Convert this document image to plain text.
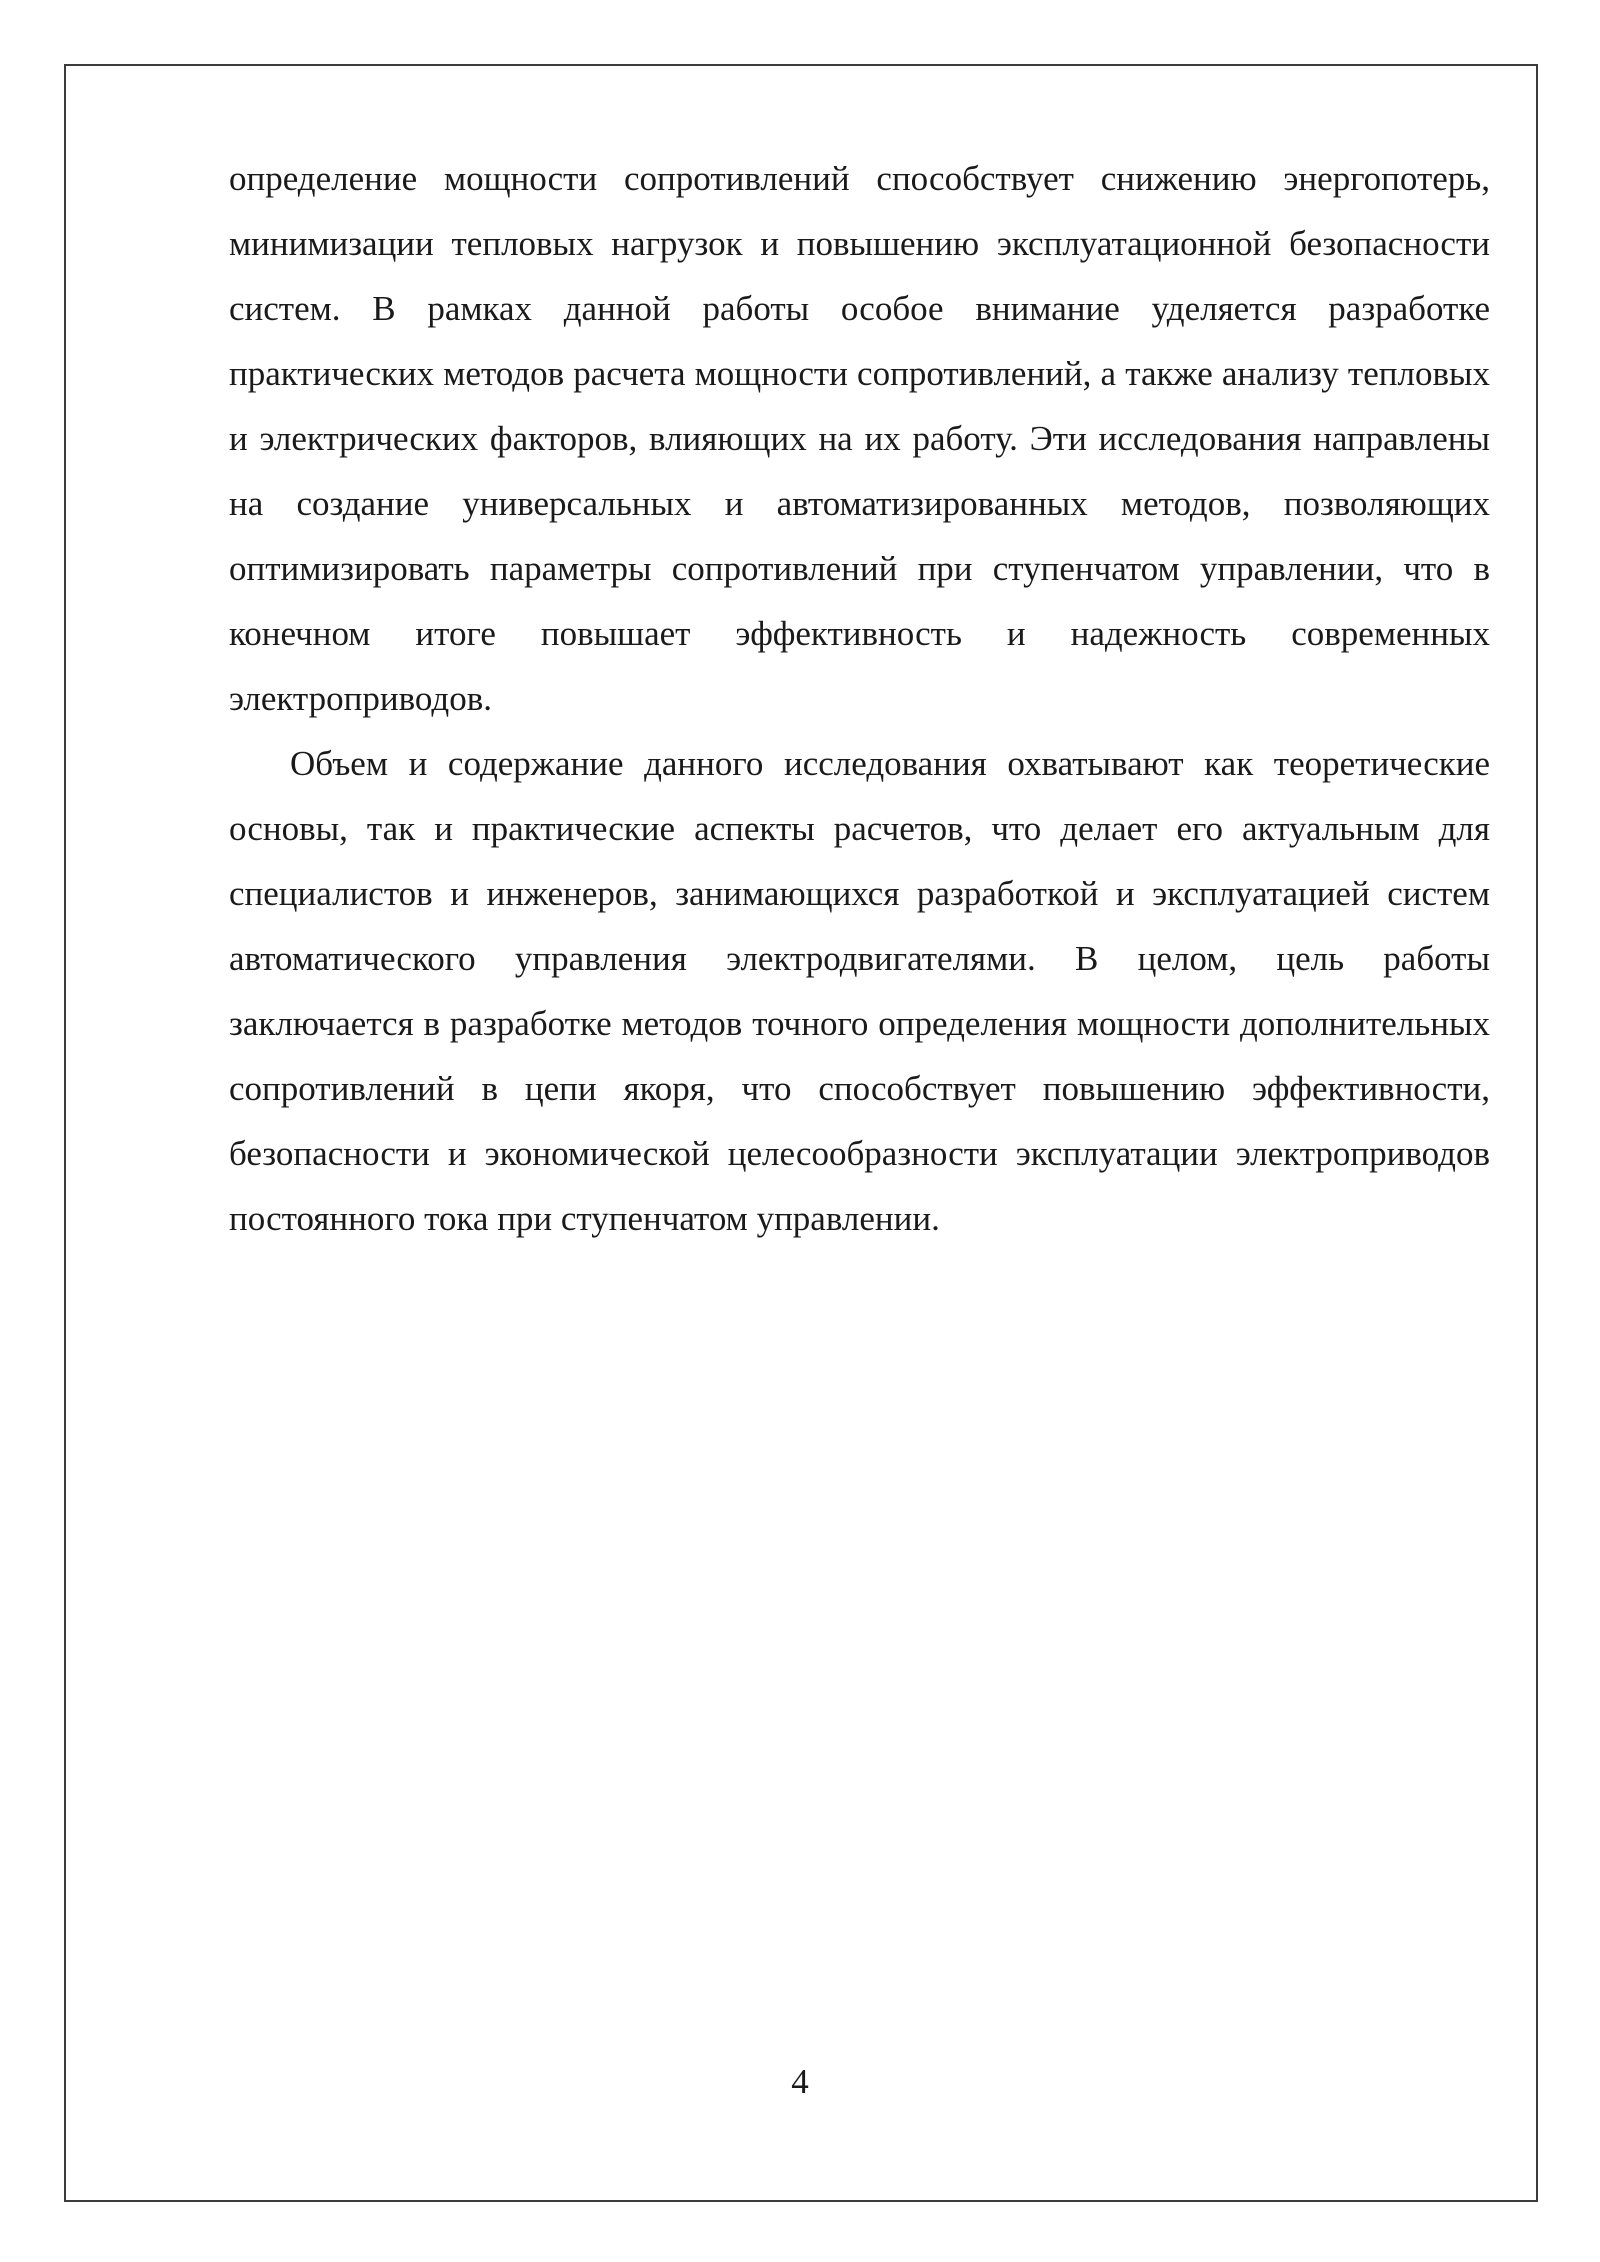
определение мощности сопротивлений способствует снижению энергопотерь, минимизации тепловых нагрузок и повышению эксплуатационной безопасности систем. В рамках данной работы особое внимание уделяется разработке практических методов расчета мощности сопротивлений, а также анализу тепловых и электрических факторов, влияющих на их работу. Эти исследования направлены на создание универсальных и автоматизированных методов, позволяющих оптимизировать параметры сопротивлений при ступенчатом управлении, что в конечном итоге повышает эффективность и надежность современных электроприводов.

Объем и содержание данного исследования охватывают как теоретические основы, так и практические аспекты расчетов, что делает его актуальным для специалистов и инженеров, занимающихся разработкой и эксплуатацией систем автоматического управления электродвигателями. В целом, цель работы заключается в разработке методов точного определения мощности дополнительных сопротивлений в цепи якоря, что способствует повышению эффективности, безопасности и экономической целесообразности эксплуатации электроприводов постоянного тока при ступенчатом управлении.

4
